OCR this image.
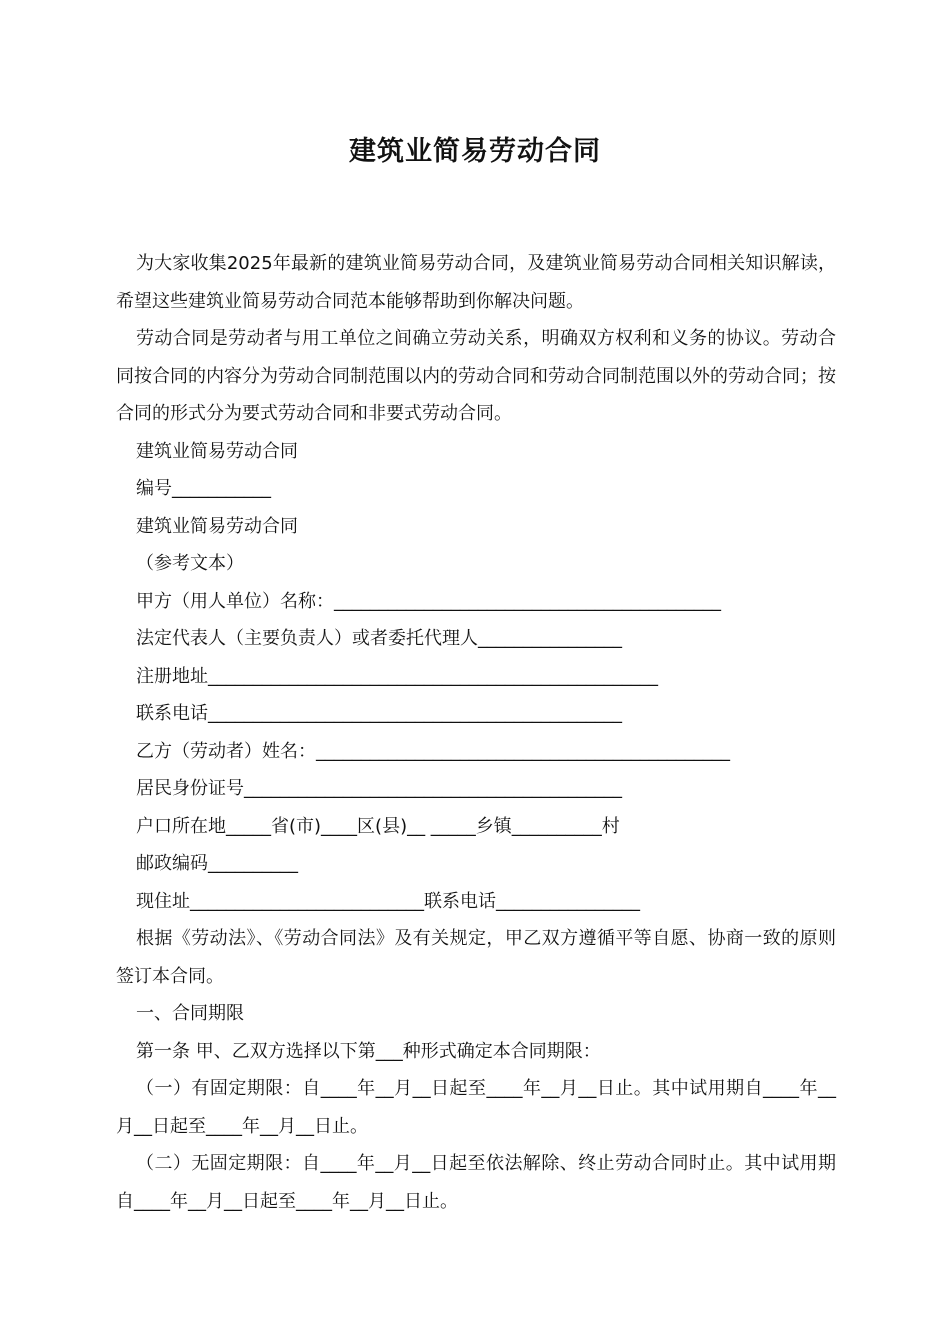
建筑业简易劳动合同

为大家收集2025年最新的建筑业简易劳动合同，及建筑业简易劳动合同相关知识解读，希望这些建筑业简易劳动合同范本能够帮助到你解决问题。

劳动合同是劳动者与用工单位之间确立劳动关系，明确双方权利和义务的协议。劳动合同按合同的内容分为劳动合同制范围以内的劳动合同和劳动合同制范围以外的劳动合同；按合同的形式分为要式劳动合同和非要式劳动合同。

建筑业简易劳动合同

编号___________

建筑业简易劳动合同

（参考文本）

甲方（用人单位）名称：___________________________________________

法定代表人（主要负责人）或者委托代理人________________

注册地址__________________________________________________

联系电话______________________________________________

乙方（劳动者）姓名：______________________________________________

居民身份证号__________________________________________

户口所在地_____省(市)____区(县)__ _____乡镇__________村

邮政编码__________

现住址__________________________联系电话________________

根据《劳动法》、《劳动合同法》及有关规定，甲乙双方遵循平等自愿、协商一致的原则签订本合同。

一、合同期限

第一条 甲、乙双方选择以下第___种形式确定本合同期限：

（一）有固定期限：自____年__月__日起至____年__月__日止。其中试用期自____年__月__日起至____年__月__日止。

（二）无固定期限：自____年__月__日起至依法解除、终止劳动合同时止。其中试用期自____年__月__日起至____年__月__日止。
